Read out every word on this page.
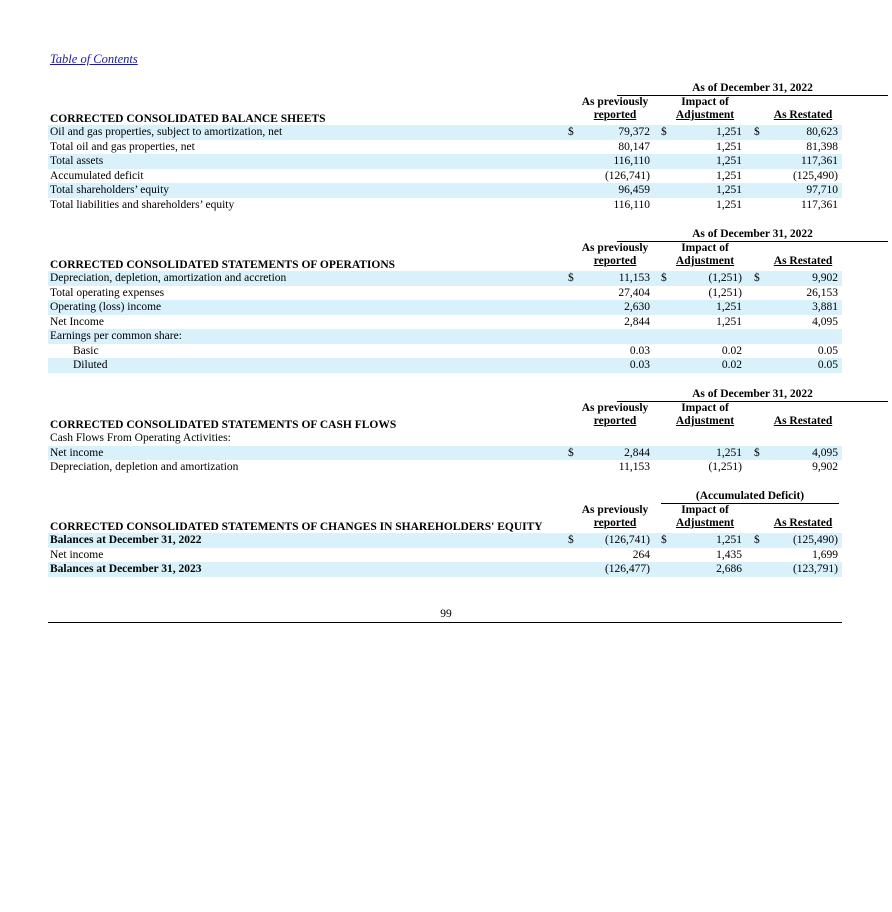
Table of Contents
As of December 31, 2022
As previously	Impact of
CORRECTED CONSOLIDATED BALANCE SHEETS	reported	Adjustment	As Restated
Oil and gas properties, subject to amortization, net	$	79,372 $	1,251 $	80,623
Total oil and gas properties, net	80,147	1,251	81,398
Total assets	116,110	1,251	117,361
Accumulated deficit	(126,741)	1,251	(125,490)
Total shareholders’ equity	96,459	1,251	97,710
Total liabilities and shareholders’ equity	116,110	1,251	117,361
As of December 31, 2022
As previously	Impact of
CORRECTED CONSOLIDATED STATEMENTS OF OPERATIONS	reported	Adjustment	As Restated
Depreciation, depletion, amortization and accretion	$	11,153 $	(1,251) $	9,902
Total operating expenses	27,404	(1,251)	26,153
Operating (loss) income	2,630	1,251	3,881
Net Income	2,844	1,251	4,095
Earnings per common share:
Basic	0.03	0.02	0.05
Diluted	0.03	0.02	0.05
As of December 31, 2022
As previously	Impact of
CORRECTED CONSOLIDATED STATEMENTS OF CASH FLOWS	reported	Adjustment	As Restated
Cash Flows From Operating Activities:
Net income	$	2,844	1,251 $	4,095
Depreciation, depletion and amortization	11,153	(1,251)	9,902
(Accumulated Deficit)
As previously	Impact of
CORRECTED CONSOLIDATED STATEMENTS OF CHANGES IN SHAREHOLDERS' EQUITY	reported	Adjustment	As Restated
Balances at December 31, 2022	$	(126,741) $	1,251 $	(125,490)
Net income	264	1,435	1,699
Balances at December 31, 2023	(126,477)	2,686	(123,791)
99
